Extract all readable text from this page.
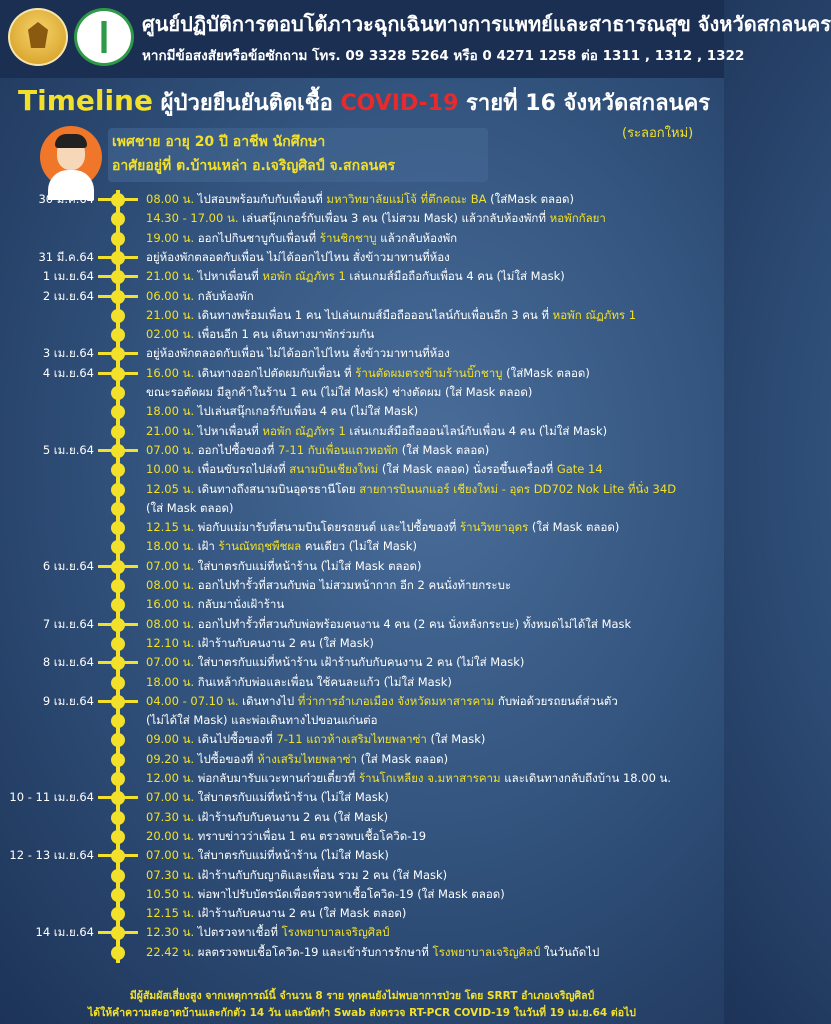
ศูนย์ปฏิบัติการตอบโต้ภาวะฉุกเฉินทางการแพทย์และสาธารณสุข จังหวัดสกลนคร
หากมีข้อสงสัยหรือข้อซักถาม โทร. 09 3328 5264 หรือ 0 4271 1258 ต่อ 1311 , 1312 , 1322
Timeline ผู้ป่วยยืนยันติดเชื้อ COVID-19 รายที่ 16 จังหวัดสกลนคร
(ระลอกใหม่)
เพศชาย อายุ 20 ปี อาชีพ นักศึกษา
อาศัยอยู่ที่ ต.บ้านเหล่า อ.เจริญศิลป์ จ.สกลนคร
30 มี.ค.64	08.00 น. ไปสอบพร้อมกับกับเพื่อนที่ มหาวิทยาลัยแม่โจ้ ที่ตึกคณะ BA (ใส่Mask ตลอด)
14.30 - 17.00 น. เล่นสนุ๊กเกอร์กับเพื่อน 3 คน (ไม่สวม Mask) แล้วกลับห้องพักที่ หอพักกัลยา
19.00 น. ออกไปกินชาบูกับเพื่อนที่ ร้านชิกชาบู แล้วกลับห้องพัก
31 มี.ค.64	อยู่ห้องพักตลอดกับเพื่อน ไม่ได้ออกไปไหน สั่งข้าวมาทานที่ห้อง
1 เม.ย.64	21.00 น. ไปหาเพื่อนที่ หอพัก ณัฏภัทร 1 เล่นเกมส์มือถือกับเพื่อน 4 คน (ไม่ใส่ Mask)
2 เม.ย.64	06.00 น. กลับห้องพัก
21.00 น. เดินทางพร้อมเพื่อน 1 คน ไปเล่นเกมส์มือถือออนไลน์กับเพื่อนอีก 3 คน ที่ หอพัก ณัฏภัทร 1
02.00 น. เพื่อนอีก 1 คน เดินทางมาพักร่วมกัน
3 เม.ย.64	อยู่ห้องพักตลอดกับเพื่อน ไม่ได้ออกไปไหน สั่งข้าวมาทานที่ห้อง
4 เม.ย.64	16.00 น. เดินทางออกไปตัดผมกับเพื่อน ที่ ร้านตัดผมตรงข้ามร้านบิ๊กชาบู (ใส่Mask ตลอด)
ขณะรอตัดผม มีลูกค้าในร้าน 1 คน (ไม่ใส่ Mask) ช่างตัดผม (ใส่ Mask ตลอด)
18.00 น. ไปเล่นสนุ๊กเกอร์กับเพื่อน 4 คน (ไม่ใส่ Mask)
21.00 น. ไปหาเพื่อนที่ หอพัก ณัฏภัทร 1 เล่นเกมส์มือถือออนไลน์กับเพื่อน 4 คน (ไม่ใส่ Mask)
5 เม.ย.64	07.00 น. ออกไปซื้อของที่ 7-11 กับเพื่อนแถวหอพัก (ใส่ Mask ตลอด)
10.00 น. เพื่อนขับรถไปส่งที่ สนามบินเชียงใหม่ (ใส่ Mask ตลอด) นั่งรอขึ้นเครื่องที่ Gate 14
12.05 น. เดินทางถึงสนามบินอุดรธานีโดย สายการบินนกแอร์ เชียงใหม่ - อุดร DD702 Nok Lite ที่นั่ง 34D
(ใส่ Mask ตลอด)
12.15 น. พ่อกับแม่มารับที่สนามบินโดยรถยนต์ และไปซื้อของที่ ร้านวิทยาอุดร (ใส่ Mask ตลอด)
18.00 น. เฝ้า ร้านณัทฤชพืชผล คนเดียว (ไม่ใส่ Mask)
6 เม.ย.64	07.00 น. ใส่บาตรกับแม่ที่หน้าร้าน (ไม่ใส่ Mask ตลอด)
08.00 น. ออกไปทำรั้วที่สวนกับพ่อ ไม่สวมหน้ากาก อีก 2 คนนั่งท้ายกระบะ
16.00 น. กลับมานั่งเฝ้าร้าน
7 เม.ย.64	08.00 น. ออกไปทำรั้วที่สวนกับพ่อพร้อมคนงาน 4 คน (2 คน นั่งหลังกระบะ) ทั้งหมดไม่ได้ใส่ Mask
12.10 น. เฝ้าร้านกับคนงาน 2 คน (ใส่ Mask)
8 เม.ย.64	07.00 น. ใส่บาตรกับแม่ที่หน้าร้าน เฝ้าร้านกับกับคนงาน 2 คน (ไม่ใส่ Mask)
18.00 น. กินเหล้ากับพ่อและเพื่อน ใช้คนละแก้ว (ไม่ใส่ Mask)
9 เม.ย.64	04.00 - 07.10 น. เดินทางไป ที่ว่าการอำเภอเมือง จังหวัดมหาสารคาม กับพ่อด้วยรถยนต์ส่วนตัว
(ไม่ได้ใส่ Mask) และพ่อเดินทางไปขอนแก่นต่อ
09.00 น. เดินไปซื้อของที่ 7-11 แถวห้างเสริมไทยพลาซ่า (ใส่ Mask)
09.20 น. ไปซื้อของที่ ห้างเสริมไทยพลาซ่า (ใส่ Mask ตลอด)
12.00 น. พ่อกลับมารับแวะทานก๋วยเตี๋ยวที่ ร้านโกเหลียง จ.มหาสารคาม และเดินทางกลับถึงบ้าน 18.00 น.
10 - 11 เม.ย.64	07.00 น. ใส่บาตรกับแม่ที่หน้าร้าน (ไม่ใส่ Mask)
07.30 น. เฝ้าร้านกับกับคนงาน 2 คน (ใส่ Mask)
20.00 น. ทราบข่าวว่าเพื่อน 1 คน ตรวจพบเชื้อโควิด-19
12 - 13 เม.ย.64	07.00 น. ใส่บาตรกับแม่ที่หน้าร้าน (ไม่ใส่ Mask)
07.30 น. เฝ้าร้านกับกับญาติและเพื่อน รวม 2 คน (ใส่ Mask)
10.50 น. พ่อพาไปรับบัตรนัดเพื่อตรวจหาเชื้อโควิด-19 (ใส่ Mask ตลอด)
12.15 น. เฝ้าร้านกับคนงาน 2 คน (ใส่ Mask ตลอด)
14 เม.ย.64	12.30 น. ไปตรวจหาเชื้อที่ โรงพยาบาลเจริญศิลป์
22.42 น. ผลตรวจพบเชื้อโควิด-19 และเข้ารับการรักษาที่ โรงพยาบาลเจริญศิลป์ ในวันถัดไป
มีผู้สัมผัสเสี่ยงสูง จากเหตุการณ์นี้ จำนวน 8 ราย ทุกคนยังไม่พบอาการป่วย โดย SRRT อำเภอเจริญศิลป์
ได้ให้คำความสะอาดบ้านและกักตัว 14 วัน และนัดทำ Swab ส่งตรวจ RT-PCR COVID-19 ในวันที่ 19 เม.ย.64 ต่อไป
